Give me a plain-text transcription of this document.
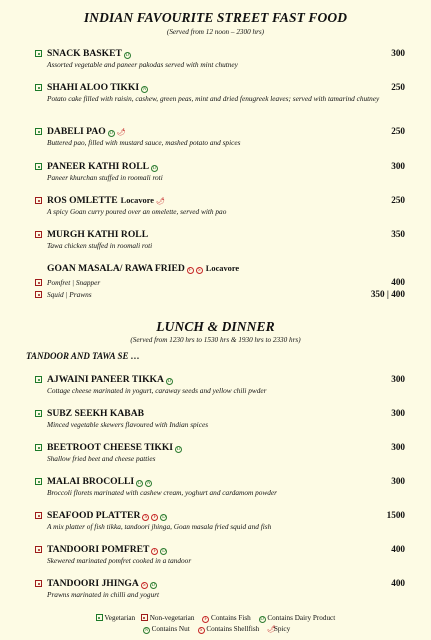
INDIAN FAVOURITE STREET FAST FOOD
(Served from 12 noon – 2300 hrs)
SNACK BASKET D	300
Assorted vegetable and paneer pakodas served with mint chutney
SHAHI ALOO TIKKI N	250
Potato cake filled with raisin, cashew, green peas, mint and dried fenugreek leaves; served with tamarind chutney
DABELI PAO D 🌶	250
Buttered pao, filled with mustard sauce, mashed potato and spices
PANEER KATHI ROLL D	300
Paneer khurchan stuffed in roomali roti
ROS OMLETTE Locavore 🌶	250
A spicy Goan curry poured over an omelette, served with pao
MURGH KATHI ROLL	350
Tawa chicken stuffed in roomali roti
GOAN MASALA/ RAWA FRIED F S Locavore
Pomfret | Snapper	400
Squid | Prawns	350 | 400
LUNCH & DINNER
(Served from 1230 hrs to 1530 hrs & 1930 hrs to 2330 hrs)
TANDOOR AND TAWA SE …
AJWAINI PANEER TIKKA D	300
Cottage cheese marinated in yogurt, caraway seeds and yellow chili pwder
SUBZ SEEKH KABAB	300
Minced vegetable skewers flavoured with Indian spices
BEETROOT CHEESE TIKKI D	300
Shallow fried beet and cheese patties
MALAI BROCOLLI D N	300
Broccoli florets marinated with cashew cream, yoghurt and cardamom powder
SEAFOOD PLATTER S F D	1500
A mix platter of fish tikka, tandoori jhinga, Goan masala fried squid and fish
TANDOORI POMFRET F D	400
Skewered marinated pomfret cooked in a tandoor
TANDOORI JHINGA S D	400
Prawns marinated in chilli and yogurt
Vegetarian Non-vegetarian F Contains Fish D Contains Dairy Product
N Contains Nut S Contains Shellfish 🌶 Spicy
